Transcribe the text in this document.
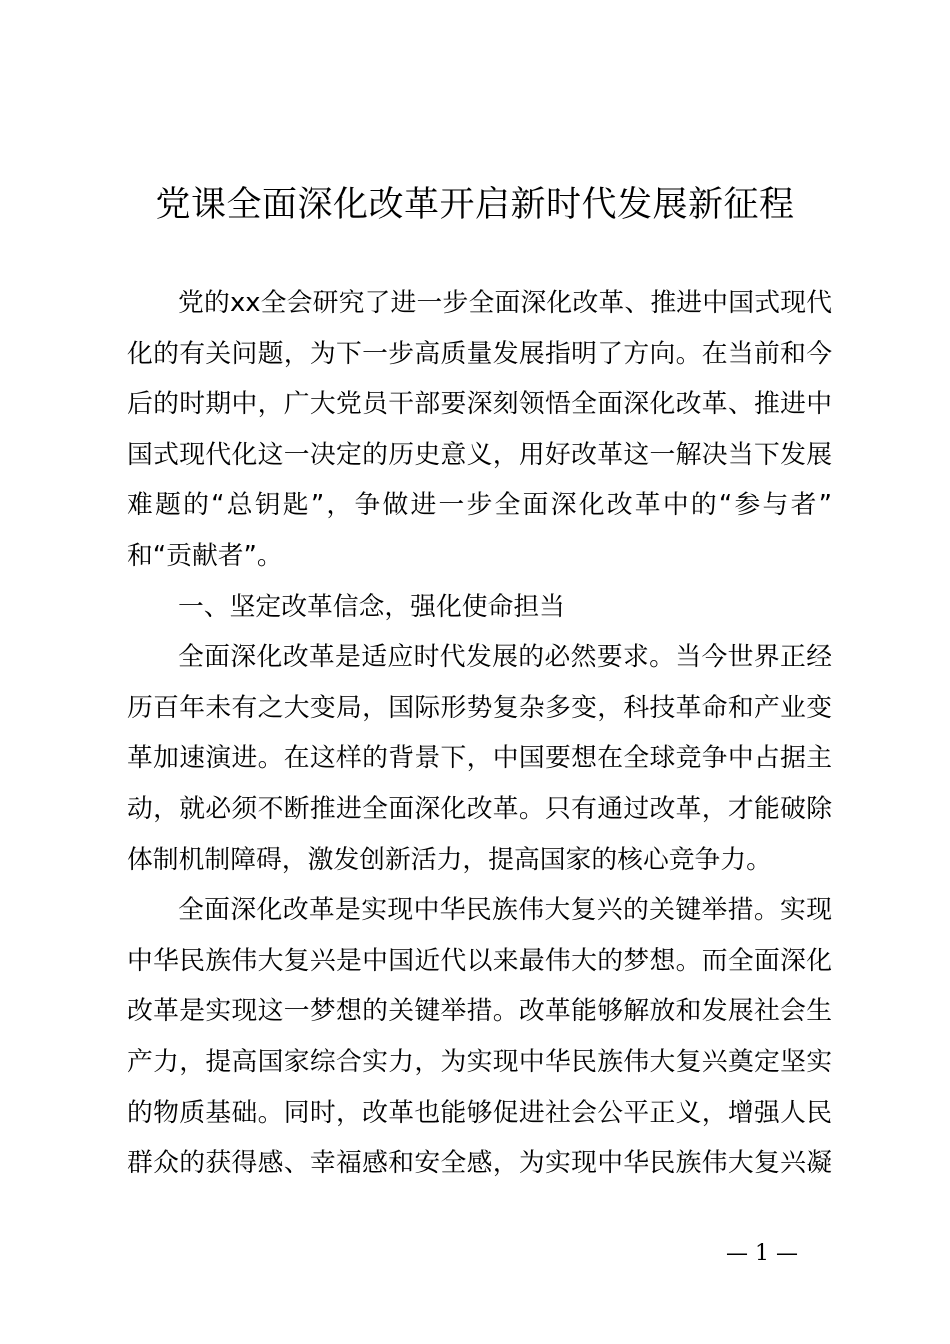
党课全面深化改革开启新时代发展新征程
党的xx全会研究了进一步全面深化改革、推进中国式现代
化的有关问题，为下一步高质量发展指明了方向。在当前和今
后的时期中，广大党员干部要深刻领悟全面深化改革、推进中
国式现代化这一决定的历史意义，用好改革这一解决当下发展
难题的“总钥匙”，争做进一步全面深化改革中的“参与者”
和“贡献者”。
一、坚定改革信念，强化使命担当
全面深化改革是适应时代发展的必然要求。当今世界正经
历百年未有之大变局，国际形势复杂多变，科技革命和产业变
革加速演进。在这样的背景下，中国要想在全球竞争中占据主
动，就必须不断推进全面深化改革。只有通过改革，才能破除
体制机制障碍，激发创新活力，提高国家的核心竞争力。
全面深化改革是实现中华民族伟大复兴的关键举措。实现
中华民族伟大复兴是中国近代以来最伟大的梦想。而全面深化
改革是实现这一梦想的关键举措。改革能够解放和发展社会生
产力，提高国家综合实力，为实现中华民族伟大复兴奠定坚实
的物质基础。同时，改革也能够促进社会公平正义，增强人民
群众的获得感、幸福感和安全感，为实现中华民族伟大复兴凝
— 1 —
